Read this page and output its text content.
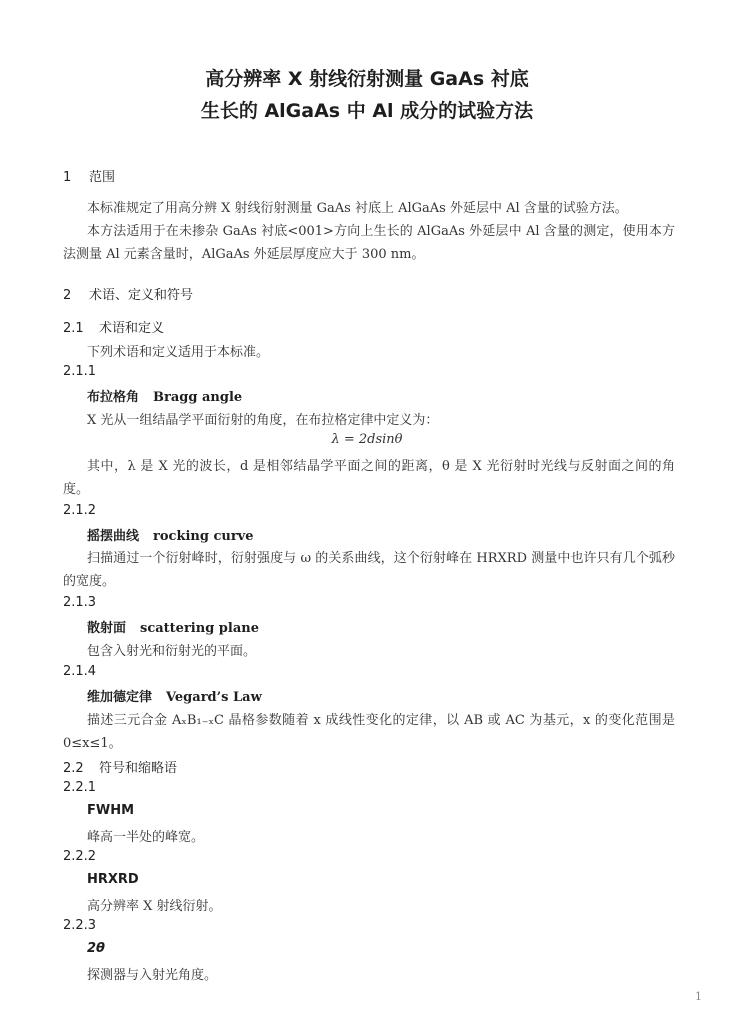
高分辨率 X 射线衍射测量 GaAs 衬底
生长的 AlGaAs 中 Al 成分的试验方法
1 范围
本标准规定了用高分辨 X 射线衍射测量 GaAs 衬底上 AlGaAs 外延层中 Al 含量的试验方法。
本方法适用于在未掺杂 GaAs 衬底<001>方向上生长的 AlGaAs 外延层中 Al 含量的测定，使用本方法测量 Al 元素含量时，AlGaAs 外延层厚度应大于 300 nm。
2 术语、定义和符号
2.1 术语和定义
下列术语和定义适用于本标准。
2.1.1
布拉格角 Bragg angle
X 光从一组结晶学平面衍射的角度，在布拉格定律中定义为：
λ = 2dsinθ
其中，λ 是 X 光的波长，d 是相邻结晶学平面之间的距离，θ 是 X 光衍射时光线与反射面之间的角度。
2.1.2
摇摆曲线 rocking curve
扫描通过一个衍射峰时，衍射强度与 ω 的关系曲线，这个衍射峰在 HRXRD 测量中也许只有几个弧秒的宽度。
2.1.3
散射面 scattering plane
包含入射光和衍射光的平面。
2.1.4
维加德定律 Vegard’s Law
描述三元合金 AₓB₁₋ₓC 晶格参数随着 x 成线性变化的定律，以 AB 或 AC 为基元，x 的变化范围是 0≤x≤1。
2.2 符号和缩略语
2.2.1
FWHM
峰高一半处的峰宽。
2.2.2
HRXRD
高分辨率 X 射线衍射。
2.2.3
2θ
探测器与入射光角度。
1
